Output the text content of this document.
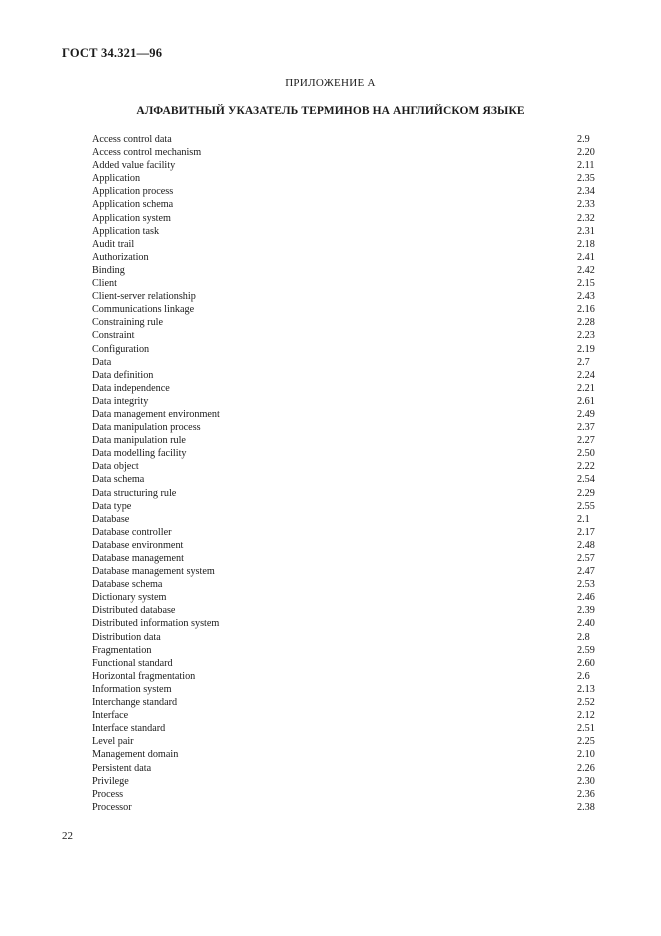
ГОСТ 34.321—96
ПРИЛОЖЕНИЕ А
АЛФАВИТНЫЙ УКАЗАТЕЛЬ ТЕРМИНОВ НА АНГЛИЙСКОМ ЯЗЫКЕ
Access control data	2.9
Access control mechanism	2.20
Added value facility	2.11
Application	2.35
Application process	2.34
Application schema	2.33
Application system	2.32
Application task	2.31
Audit trail	2.18
Authorization	2.41
Binding	2.42
Client	2.15
Client-server relationship	2.43
Communications linkage	2.16
Constraining rule	2.28
Constraint	2.23
Configuration	2.19
Data	2.7
Data definition	2.24
Data independence	2.21
Data integrity	2.61
Data management environment	2.49
Data manipulation process	2.37
Data manipulation rule	2.27
Data modelling facility	2.50
Data object	2.22
Data schema	2.54
Data structuring rule	2.29
Data type	2.55
Database	2.1
Database controller	2.17
Database environment	2.48
Database management	2.57
Database management system	2.47
Database schema	2.53
Dictionary system	2.46
Distributed database	2.39
Distributed information system	2.40
Distribution data	2.8
Fragmentation	2.59
Functional standard	2.60
Horizontal fragmentation	2.6
Information system	2.13
Interchange standard	2.52
Interface	2.12
Interface standard	2.51
Level pair	2.25
Management domain	2.10
Persistent data	2.26
Privilege	2.30
Process	2.36
Processor	2.38
22
